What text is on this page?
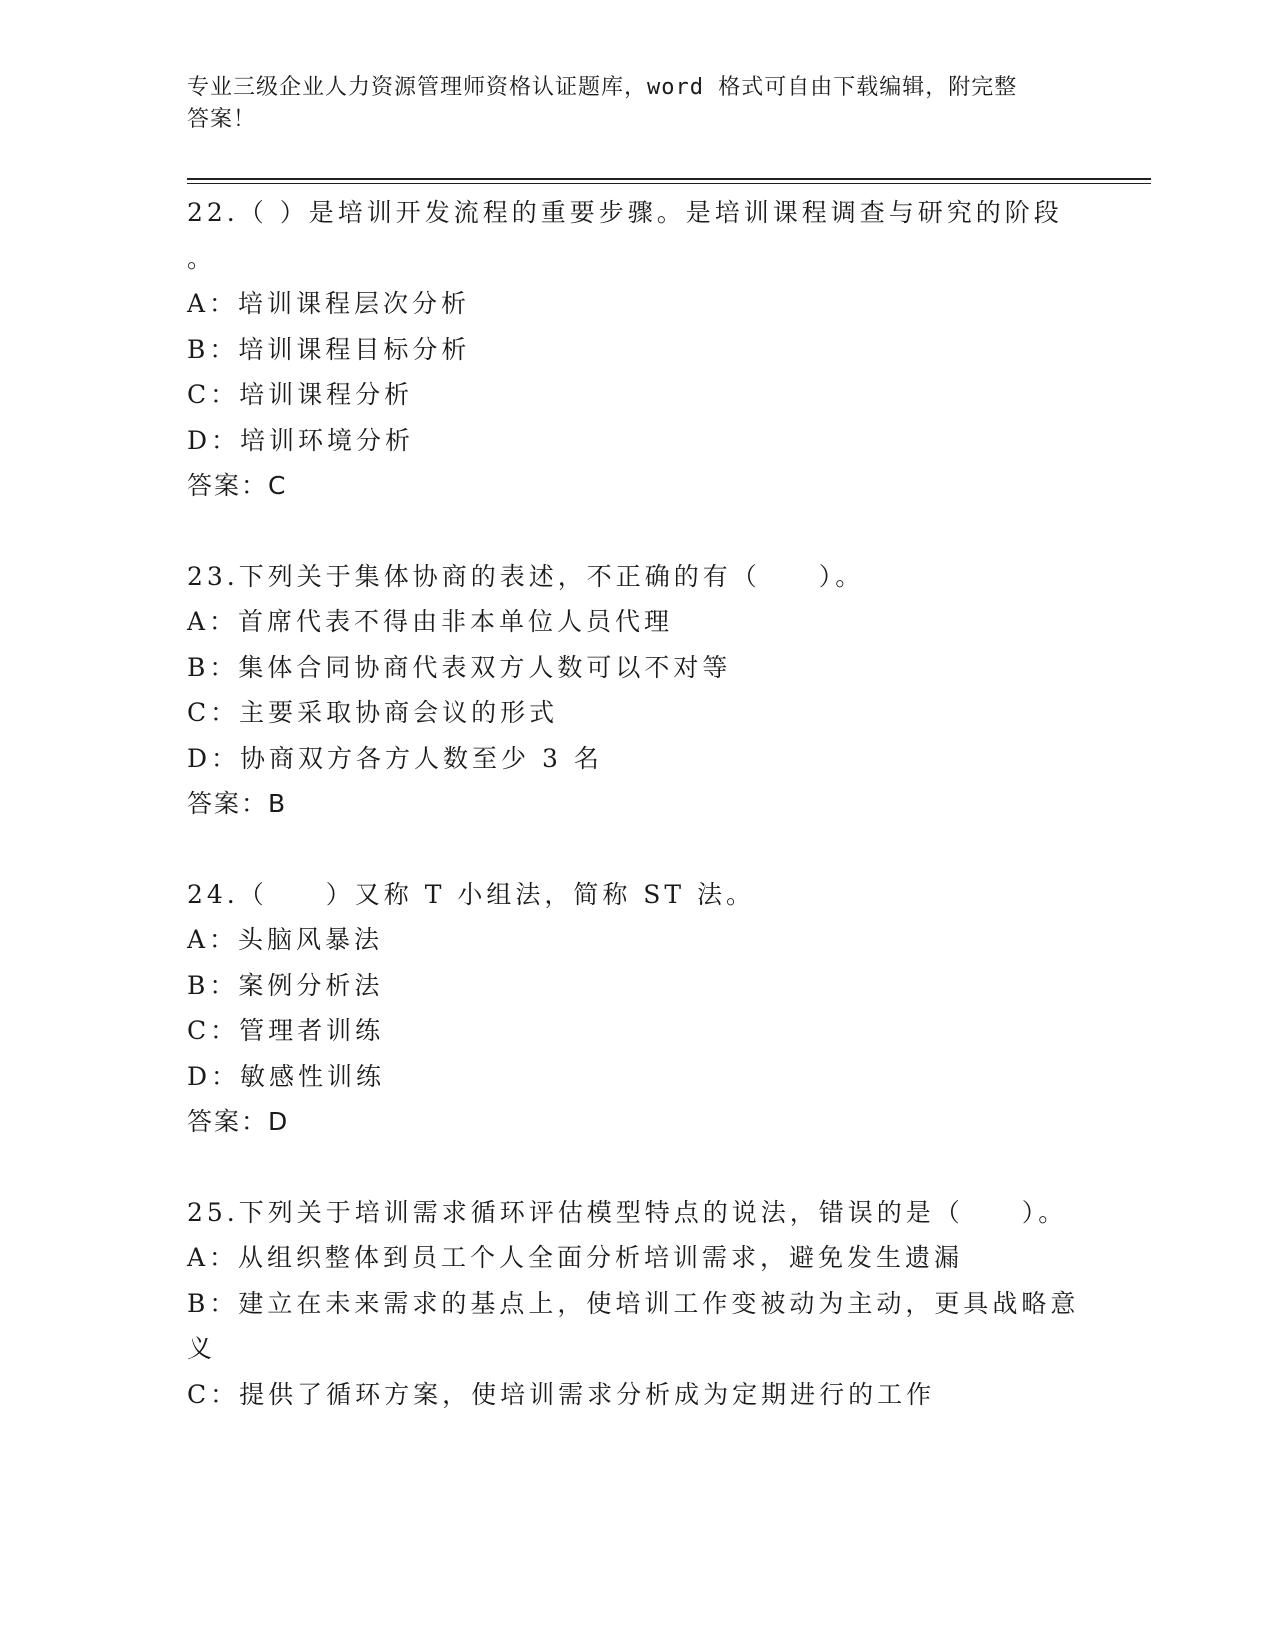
专业三级企业人力资源管理师资格认证题库，word 格式可自由下载编辑，附完整
答案！
22.（ ）是培训开发流程的重要步骤。是培训课程调查与研究的阶段
。
A：培训课程层次分析
B：培训课程目标分析
C：培训课程分析
D：培训环境分析
答案：C
23.下列关于集体协商的表述，不正确的有（　　）。
A：首席代表不得由非本单位人员代理
B：集体合同协商代表双方人数可以不对等
C：主要采取协商会议的形式
D：协商双方各方人数至少 3 名
答案：B
24.（　　）又称 T 小组法，简称 ST 法。
A：头脑风暴法
B：案例分析法
C：管理者训练
D：敏感性训练
答案：D
25.下列关于培训需求循环评估模型特点的说法，错误的是（　　）。
A：从组织整体到员工个人全面分析培训需求，避免发生遗漏
B：建立在未来需求的基点上，使培训工作变被动为主动，更具战略意
义
C：提供了循环方案，使培训需求分析成为定期进行的工作
